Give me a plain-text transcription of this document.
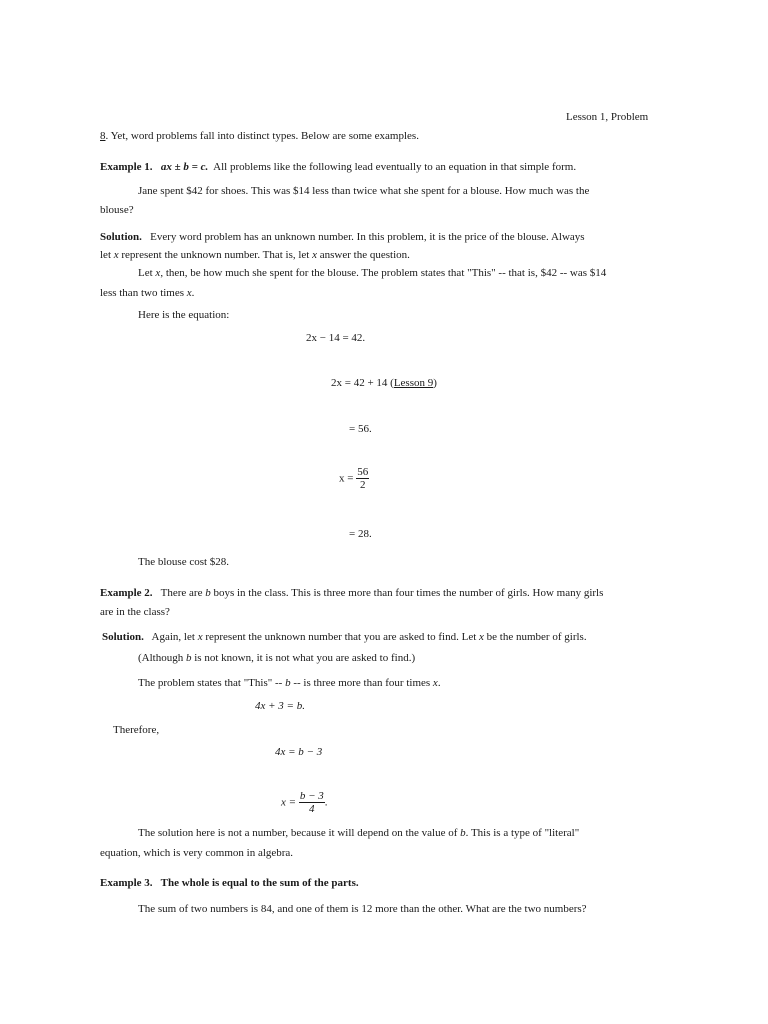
Lesson 1, Problem
8. Yet, word problems fall into distinct types. Below are some examples.
Example 1. ax ± b = c. All problems like the following lead eventually to an equation in that simple form.
Jane spent $42 for shoes. This was $14 less than twice what she spent for a blouse. How much was the
blouse?
Solution. Every word problem has an unknown number. In this problem, it is the price of the blouse. Always
let x represent the unknown number. That is, let x answer the question.
Let x, then, be how much she spent for the blouse. The problem states that "This" -- that is, $42 -- was $14
less than two times x.
Here is the equation:
2x − 14 = 42.
2x = 42 + 14 (Lesson 9)
= 56.
$x = \frac{56}{2}$
= 28.
The blouse cost $28.
Example 2. There are b boys in the class. This is three more than four times the number of girls. How many girls
are in the class?
Solution. Again, let x represent the unknown number that you are asked to find. Let x be the number of girls.
(Although b is not known, it is not what you are asked to find.)
The problem states that "This" -- b -- is three more than four times x.
4x + 3 = b.
Therefore,
4x = b − 3
$x = \frac{b - 3}{4}$ .
The solution here is not a number, because it will depend on the value of b. This is a type of "literal"
equation, which is very common in algebra.
Example 3. The whole is equal to the sum of the parts.
The sum of two numbers is 84, and one of them is 12 more than the other. What are the two numbers?
